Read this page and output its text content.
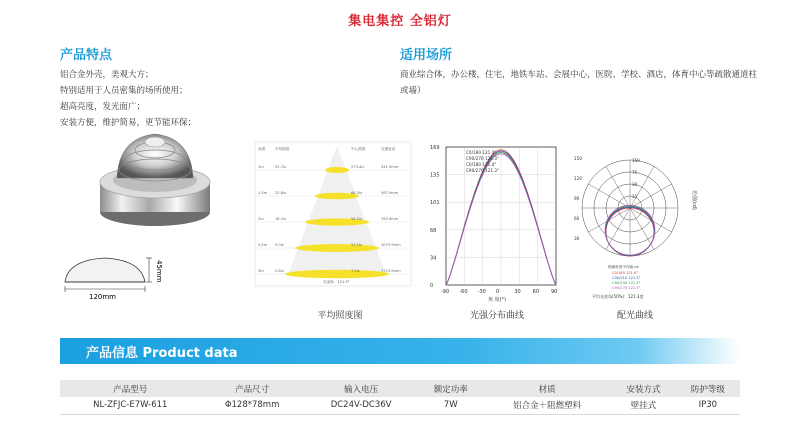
集电集控 全铝灯
产品特点
铝合金外壳，美观大方；
特别适用于人员密集的场所使用；
超高亮度，发光面广；
安装方便，维护简易，更节能环保；
适用场所
商业综合体，办公楼，住宅，地铁车站、会展中心，医院、学校、酒店，体育中心等疏散通道柱或墙）
45mm
120mm
高度	平均照度	中心照度	光斑直径
1m	91.7lx	273.4lx	341.9mm
1.5m 22.8lx	66.3lx	567.9mm
2m	18.1lx	54.2lx	783.9mm
2.5m 9.0lx	27.1lx	1075.9mm
3m	2.8lx	7.2lx	1713.9mm
光束角：121.3°
169
135
101
68
34
0
-90 -60 -30 0	30 60 90
C0/180 121.4°
C90/270 121.3°
C0/180 121.4°
C90/270 121.3°
角 度(°)
150
120
90
60
30
150
75
30
15	光强(cd)
轴测角度平均值 cd
C0/180 121.4°
C30/210 121.3°
C60/240 121.3°
C90/270 121.3°
平均光束角(50%)：121.3度
平均照度图	光强分布曲线	配光曲线
产品信息 Product data
产品型号	产品尺寸	输入电压	额定功率	材质	安装方式	防护等级
NL-ZFJC-E7W-611	Φ128*78mm	DC24V-DC36V	7W	铝合金＋阻燃塑料	壁挂式	IP30
